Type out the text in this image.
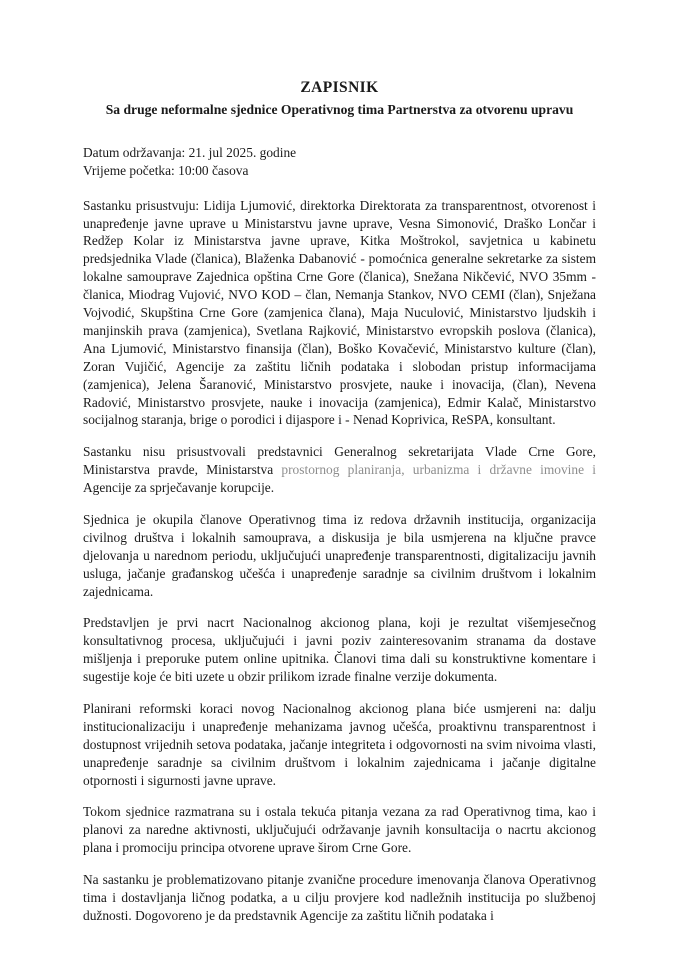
ZAPISNIK
Sa druge neformalne sjednice Operativnog tima Partnerstva za otvorenu upravu
Datum održavanja: 21. jul 2025. godine
Vrijeme početka: 10:00 časova

Sastanku prisustvuju: Lidija Ljumović, direktorka Direktorata za transparentnost, otvorenost i unapređenje javne uprave u Ministarstvu javne uprave, Vesna Simonović, Draško Lončar i Redžep Kolar iz Ministarstva javne uprave, Kitka Moštrokol, savjetnica u kabinetu predsjednika Vlade (članica), Blaženka Dabanović - pomoćnica generalne sekretarke za sistem lokalne samouprave Zajednica opština Crne Gore (članica), Snežana Nikčević, NVO 35mm - članica, Miodrag Vujović, NVO KOD – član, Nemanja Stankov, NVO CEMI (član), Snježana Vojvodić, Skupština Crne Gore (zamjenica člana), Maja Nuculović, Ministarstvo ljudskih i manjinskih prava (zamjenica), Svetlana Rajković, Ministarstvo evropskih poslova (članica), Ana Ljumović, Ministarstvo finansija (član), Boško Kovačević, Ministarstvo kulture (član), Zoran Vujičić, Agencije za zaštitu ličnih podataka i slobodan pristup informacijama (zamjenica), Jelena Šaranović, Ministarstvo prosvjete, nauke i inovacija, (član), Nevena Radović, Ministarstvo prosvjete, nauke i inovacija (zamjenica), Edmir Kalač, Ministarstvo socijalnog staranja, brige o porodici i dijaspore i - Nenad Koprivica, ReSPA, konsultant.

Sastanku nisu prisustvovali predstavnici Generalnog sekretarijata Vlade Crne Gore, Ministarstva pravde, Ministarstva prostornog planiranja, urbanizma i državne imovine i Agencije za sprječavanje korupcije.

Sjednica je okupila članove Operativnog tima iz redova državnih institucija, organizacija civilnog društva i lokalnih samouprava, a diskusija je bila usmjerena na ključne pravce djelovanja u narednom periodu, uključujući unapređenje transparentnosti, digitalizaciju javnih usluga, jačanje građanskog učešća i unapređenje saradnje sa civilnim društvom i lokalnim zajednicama.

Predstavljen je prvi nacrt Nacionalnog akcionog plana, koji je rezultat višemjesečnog konsultativnog procesa, uključujući i javni poziv zainteresovanim stranama da dostave mišljenja i preporuke putem online upitnika. Članovi tima dali su konstruktivne komentare i sugestije koje će biti uzete u obzir prilikom izrade finalne verzije dokumenta.

Planirani reformski koraci novog Nacionalnog akcionog plana biće usmjereni na: dalju institucionalizaciju i unapređenje mehanizama javnog učešća, proaktivnu transparentnost i dostupnost vrijednih setova podataka, jačanje integriteta i odgovornosti na svim nivoima vlasti, unapređenje saradnje sa civilnim društvom i lokalnim zajednicama i jačanje digitalne otpornosti i sigurnosti javne uprave.

Tokom sjednice razmatrana su i ostala tekuća pitanja vezana za rad Operativnog tima, kao i planovi za naredne aktivnosti, uključujući održavanje javnih konsultacija o nacrtu akcionog plana i promociju principa otvorene uprave širom Crne Gore.

Na sastanku je problematizovano pitanje zvanične procedure imenovanja članova Operativnog tima i dostavljanja ličnog podatka, a u cilju provjere kod nadležnih institucija po službenoj dužnosti. Dogovoreno je da predstavnik Agencije za zaštitu ličnih podataka i
